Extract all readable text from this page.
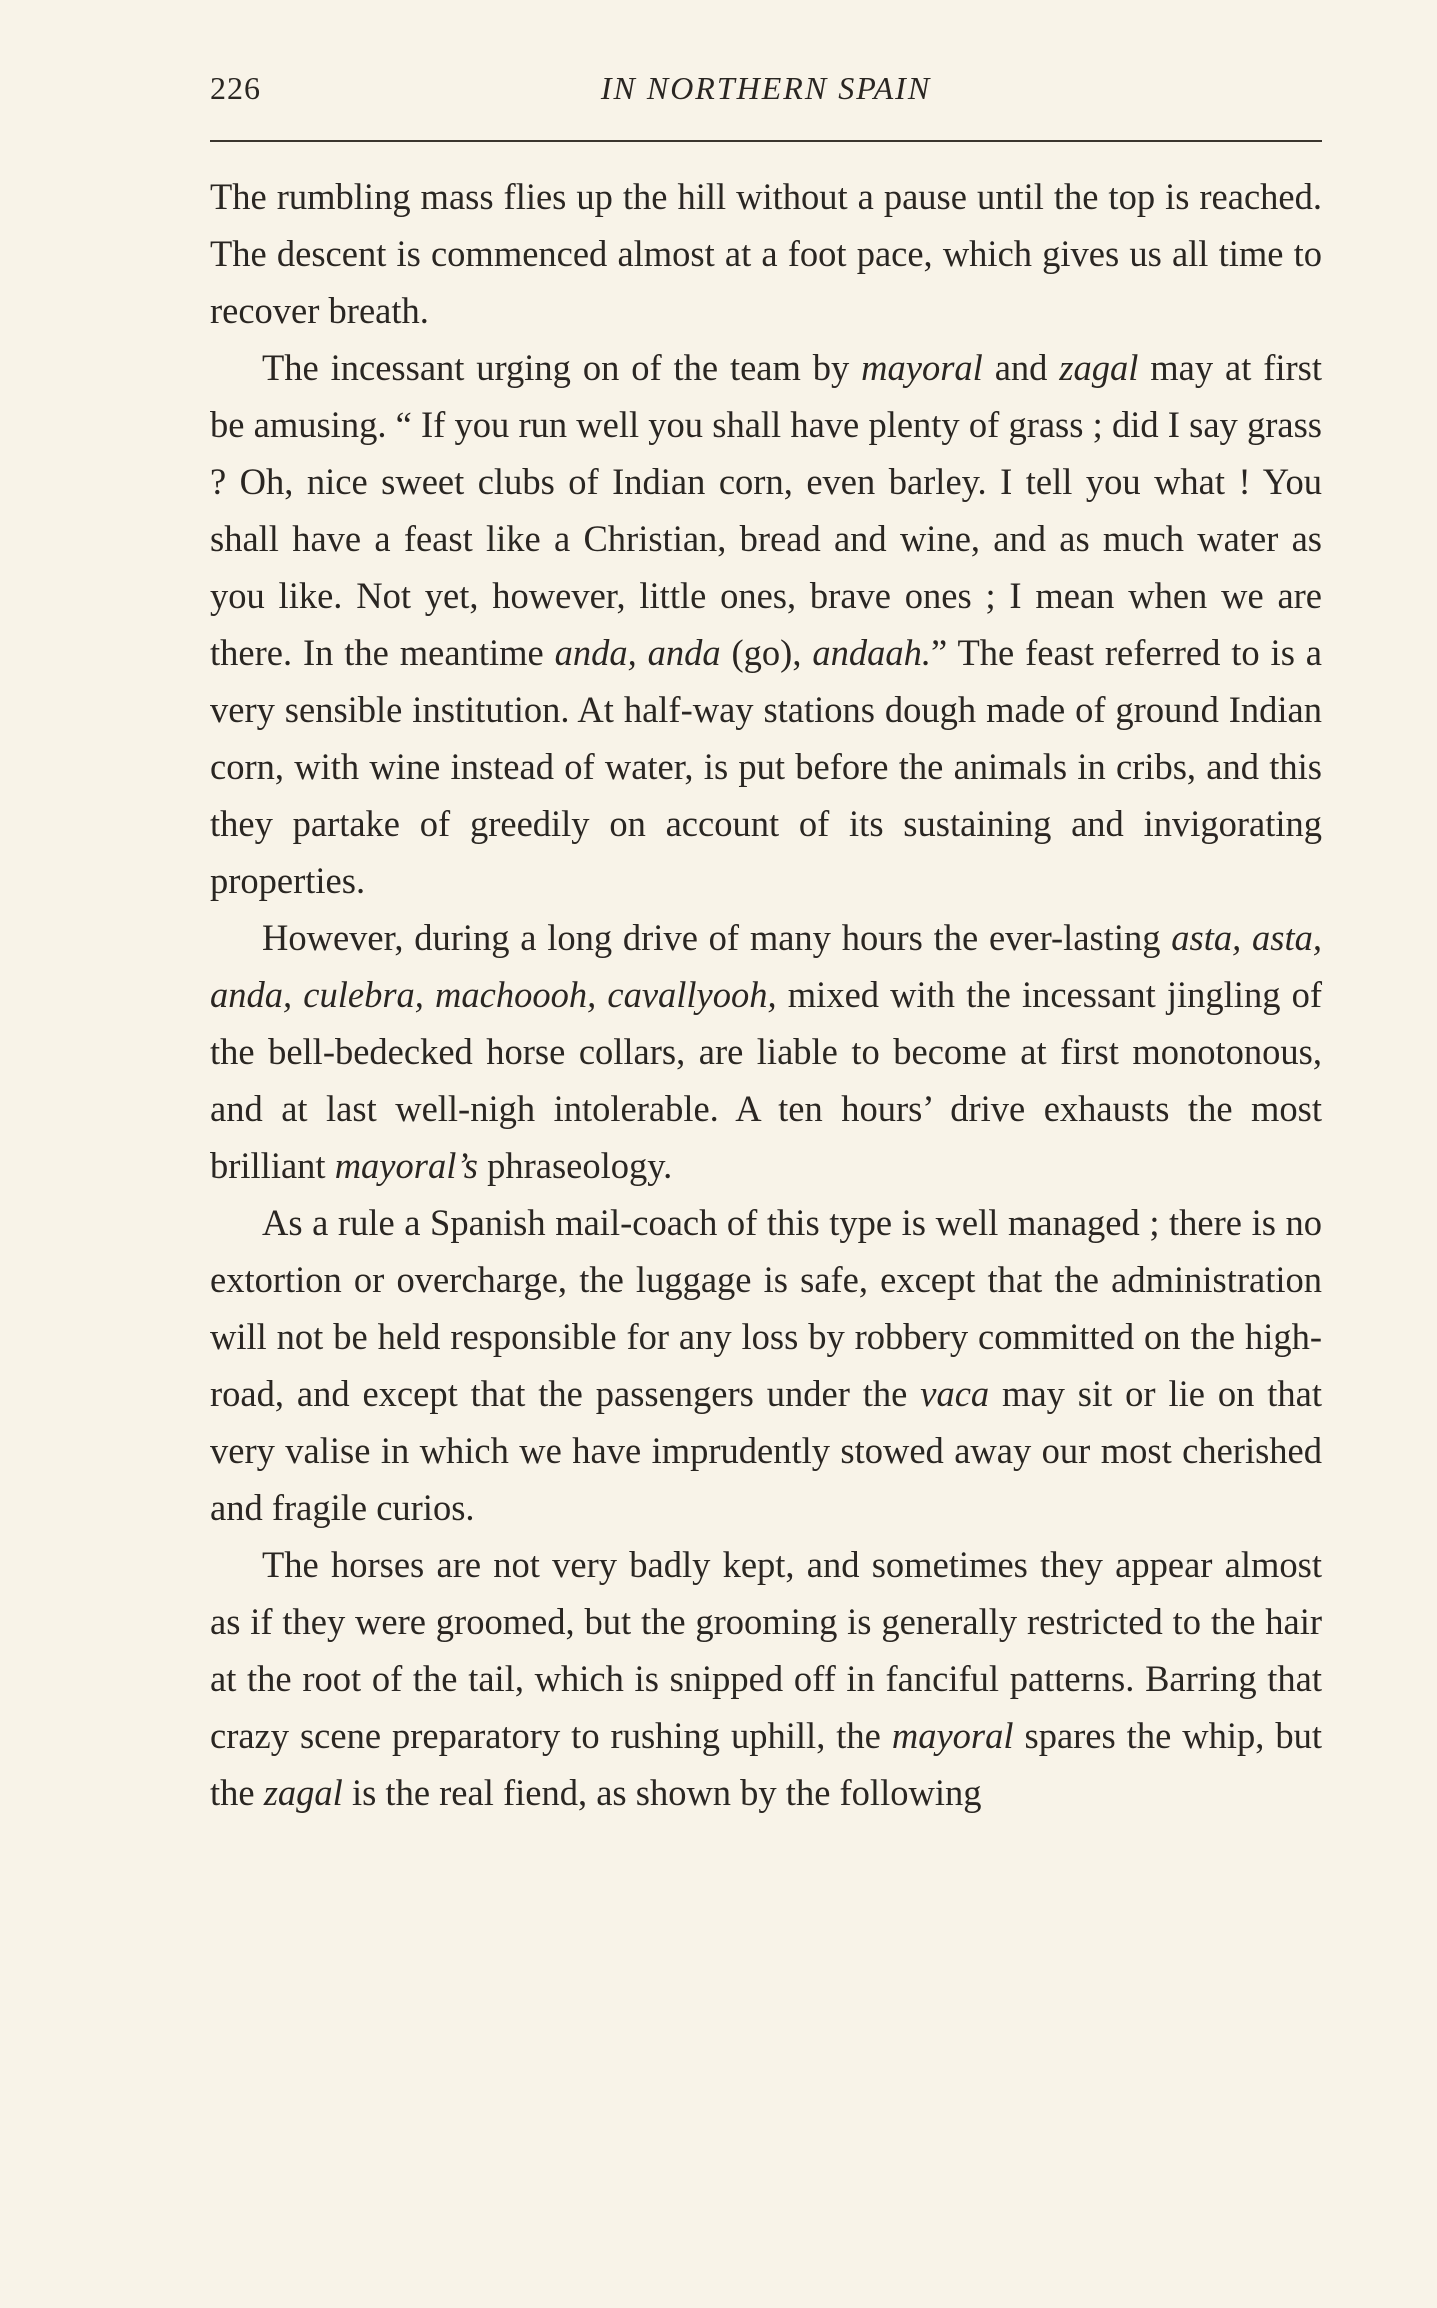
226	IN NORTHERN SPAIN

The rumbling mass flies up the hill without a pause until the top is reached. The descent is commenced almost at a foot pace, which gives us all time to recover breath.

The incessant urging on of the team by mayoral and zagal may at first be amusing. “ If you run well you shall have plenty of grass ; did I say grass ? Oh, nice sweet clubs of Indian corn, even barley. I tell you what ! You shall have a feast like a Christian, bread and wine, and as much water as you like. Not yet, however, little ones, brave ones ; I mean when we are there. In the meantime anda, anda (go), andaah.” The feast referred to is a very sensible institution. At half-way stations dough made of ground Indian corn, with wine instead of water, is put before the animals in cribs, and this they partake of greedily on account of its sustaining and invigorating properties.

However, during a long drive of many hours the ever-lasting asta, asta, anda, culebra, machoooh, cavallyooh, mixed with the incessant jingling of the bell-bedecked horse collars, are liable to become at first monotonous, and at last well-nigh intolerable. A ten hours’ drive exhausts the most brilliant mayoral’s phraseology.

As a rule a Spanish mail-coach of this type is well managed ; there is no extortion or overcharge, the luggage is safe, except that the administration will not be held responsible for any loss by robbery committed on the high-road, and except that the passengers under the vaca may sit or lie on that very valise in which we have imprudently stowed away our most cherished and fragile curios.

The horses are not very badly kept, and sometimes they appear almost as if they were groomed, but the grooming is generally restricted to the hair at the root of the tail, which is snipped off in fanciful patterns. Barring that crazy scene preparatory to rushing uphill, the mayoral spares the whip, but the zagal is the real fiend, as shown by the following
